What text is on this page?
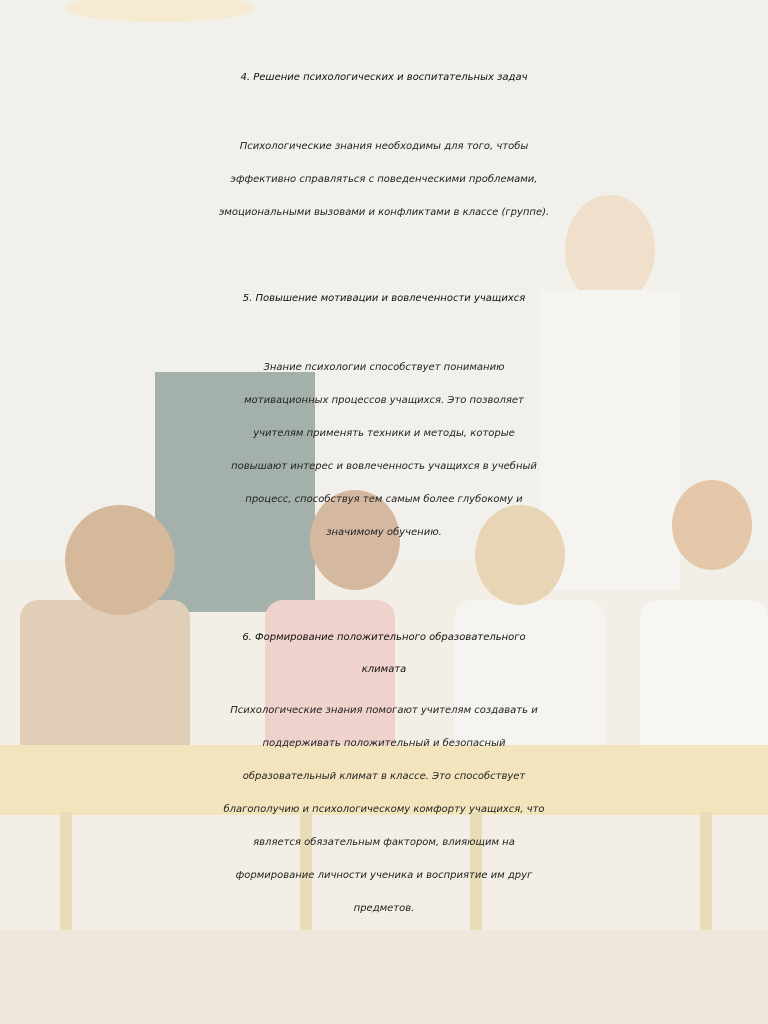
4. Решение психологических и воспитательных задач
Психологические знания необходимы для того, чтобы
эффективно справляться с поведенческими проблемами,
эмоциональными вызовами и конфликтами в классе (группе).
5. Повышение мотивации и вовлеченности учащихся
Знание психологии способствует пониманию
мотивационных процессов учащихся. Это позволяет
учителям применять техники и методы, которые
повышают интерес и вовлеченность учащихся в учебный
процесс, способствуя тем самым более глубокому и
значимому обучению.
6. Формирование положительного образовательного
климата
Психологические знания помогают учителям создавать и
поддерживать положительный и безопасный
образовательный климат в классе. Это способствует
благополучию и психологическому комфорту учащихся, что
является обязательным фактором, влияющим на
формирование личности ученика и восприятие им друг
предметов.
